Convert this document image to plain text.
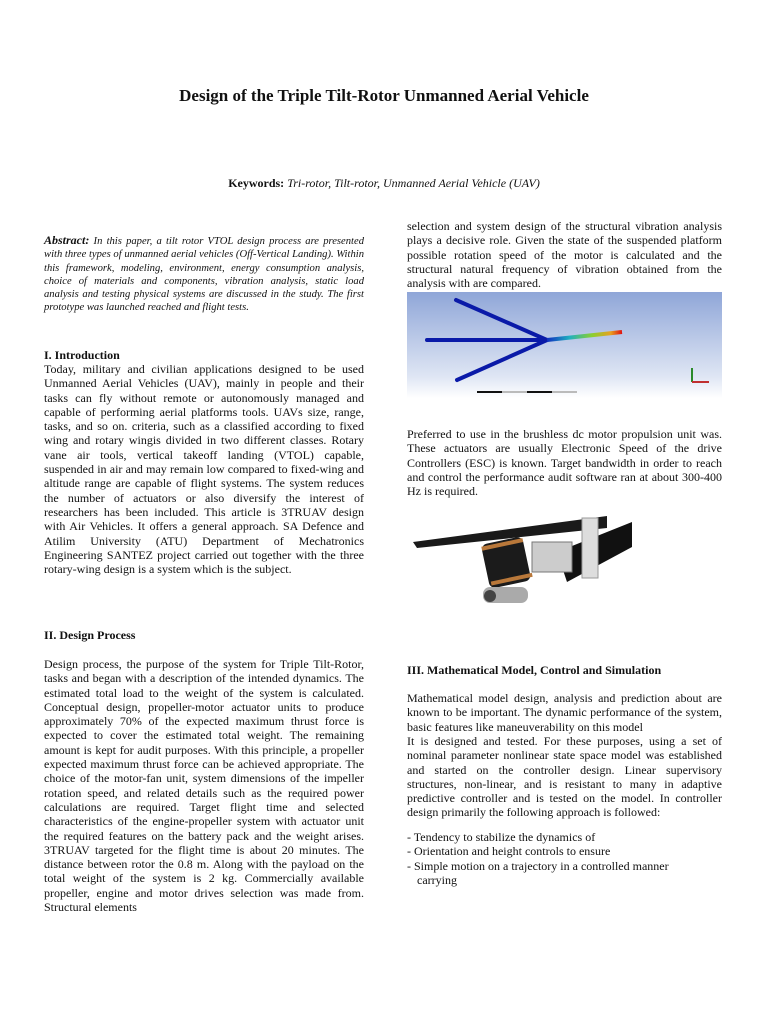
Design of the Triple Tilt-Rotor Unmanned Aerial Vehicle
Keywords: Tri-rotor, Tilt-rotor, Unmanned Aerial Vehicle (UAV)
Abstract: In this paper, a tilt rotor VTOL design process are presented with three types of unmanned aerial vehicles (Off-Vertical Landing). Within this framework, modeling, environment, energy consumption analysis, choice of materials and components, vibration analysis, static load analysis and testing physical systems are discussed in the study. The first prototype was launched reached and flight tests.
I. Introduction
Today, military and civilian applications designed to be used Unmanned Aerial Vehicles (UAV), mainly in people and their tasks can fly without remote or autonomously managed and capable of performing aerial platforms tools. UAVs size, range, tasks, and so on. criteria, such as a classified according to fixed wing and rotary wingis divided in two different classes. Rotary vane air tools, vertical takeoff landing (VTOL) capable, suspended in air and may remain low compared to fixed-wing and altitude range are capable of flight systems. The system reduces the number of actuators or also diversify the interest of researchers has been included. This article is 3TRUAV design with Air Vehicles. It offers a general approach. SA Defence and Atilim University (ATU) Department of Mechatronics Engineering SANTEZ project carried out together with the three rotary-wing design is a system which is the subject.
II. Design Process
Design process, the purpose of the system for Triple Tilt-Rotor, tasks and began with a description of the intended dynamics. The estimated total load to the weight of the system is calculated. Conceptual design, propeller-motor actuator units to produce approximately 70% of the expected maximum thrust force is expected to cover the estimated total weight. The remaining amount is kept for audit purposes. With this principle, a propeller expected maximum thrust force can be achieved appropriate. The choice of the motor-fan unit, system dimensions of the impeller rotation speed, and related details such as the required power calculations are required. Target flight time and selected characteristics of the engine-propeller system with actuator unit the required features on the battery pack and the weight arises. 3TRUAV targeted for the flight time is about 20 minutes. The distance between rotor the 0.8 m. Along with the payload on the total weight of the system is 2 kg. Commercially available propeller, engine and motor drives selection was made from. Structural elements
selection and system design of the structural vibration analysis plays a decisive role. Given the state of the suspended platform possible rotation speed of the motor is calculated and the structural natural frequency of vibration obtained from the analysis with are compared.
Preferred to use in the brushless dc motor propulsion unit was. These actuators are usually Electronic Speed of the drive Controllers (ESC) is known. Target bandwidth in order to reach and control the performance audit software ran at about 300-400 Hz is required.
III. Mathematical Model, Control and Simulation
Mathematical model design, analysis and prediction about are known to be important. The dynamic performance of the system, basic features like maneuverability on this model
It is designed and tested. For these purposes, using a set of nominal parameter nonlinear state space model was established and started on the controller design. Linear supervisory structures, non-linear, and is resistant to many in adaptive predictive controller and is tested on the model. In controller design primarily the following approach is followed:
- Tendency to stabilize the dynamics of
- Orientation and height controls to ensure
- Simple motion on a trajectory in a controlled manner
carrying
